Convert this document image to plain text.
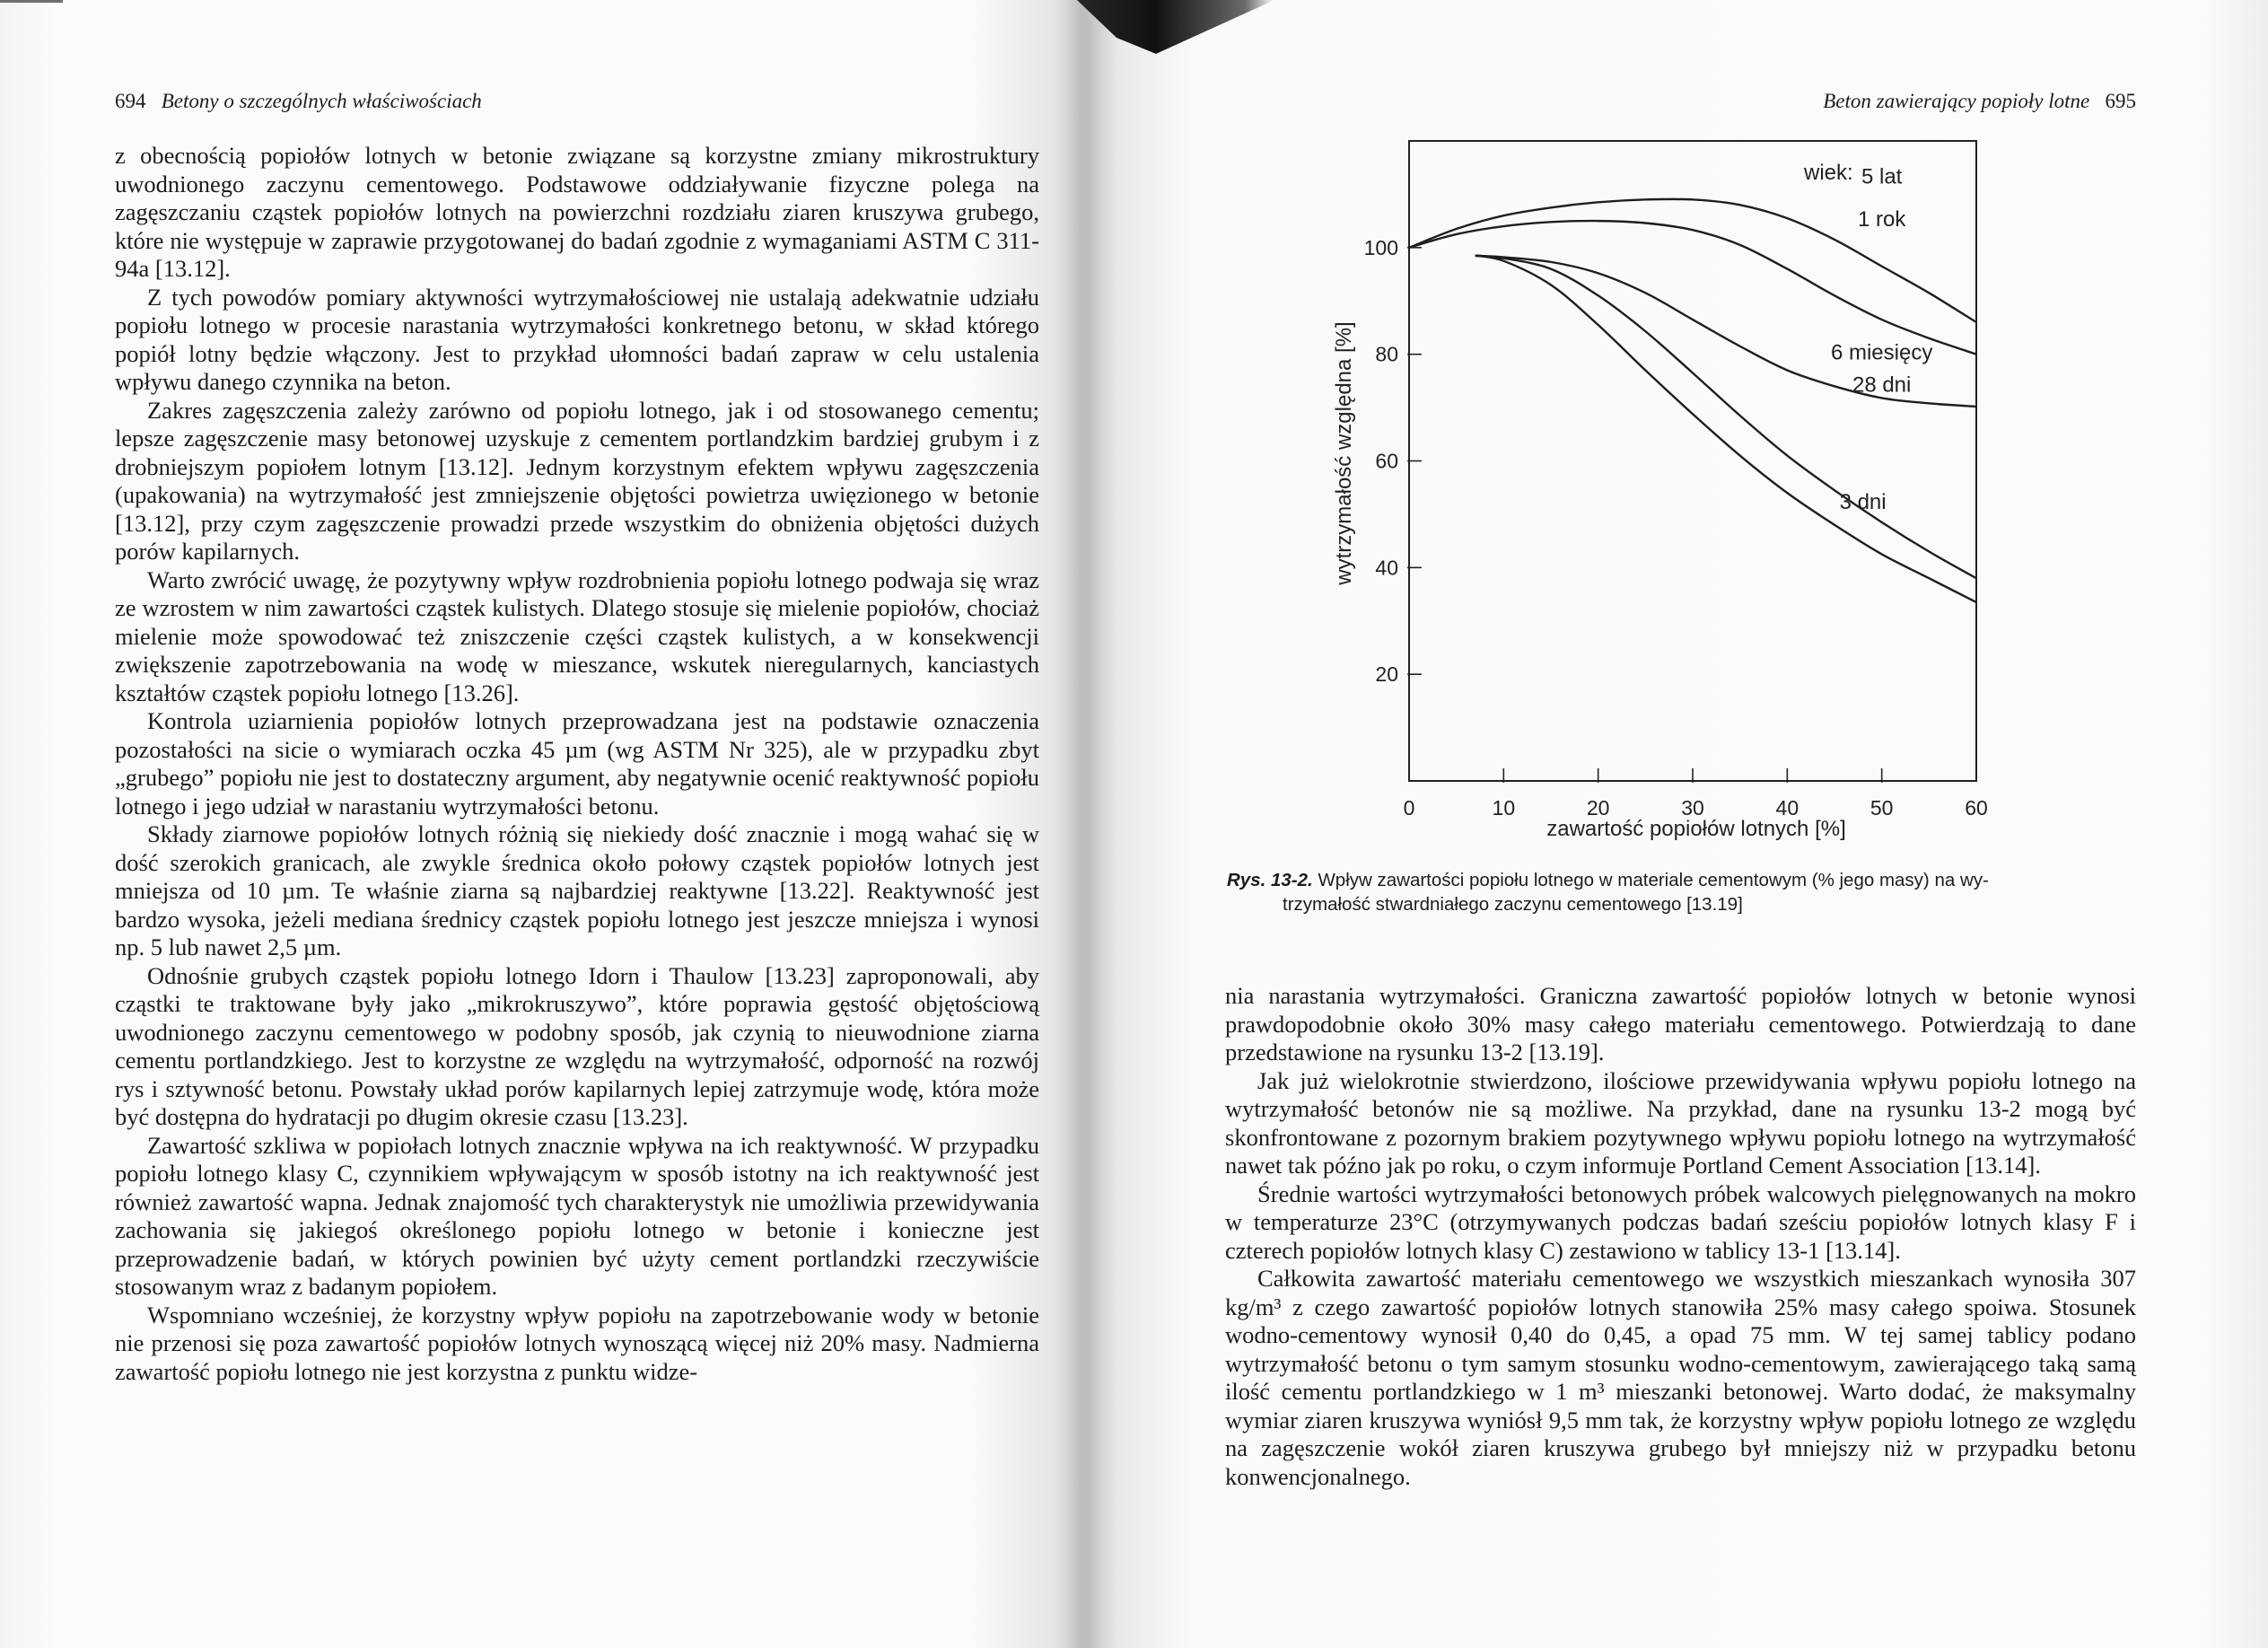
694 Betony o szczególnych właściwościach

z obecnością popiołów lotnych w betonie związane są korzystne zmiany mikrostruktury uwodnionego zaczynu cementowego. Podstawowe oddziaływanie fizyczne polega na zagęszczaniu cząstek popiołów lotnych na powierzchni rozdziału ziaren kruszywa grubego, które nie występuje w zaprawie przygotowanej do badań zgodnie z wymaganiami ASTM C 311-94a [13.12].

Z tych powodów pomiary aktywności wytrzymałościowej nie ustalają adekwatnie udziału popiołu lotnego w procesie narastania wytrzymałości konkretnego betonu, w skład którego popiół lotny będzie włączony. Jest to przykład ułomności badań zapraw w celu ustalenia wpływu danego czynnika na beton.

Zakres zagęszczenia zależy zarówno od popiołu lotnego, jak i od stosowanego cementu; lepsze zagęszczenie masy betonowej uzyskuje z cementem portlandzkim bardziej grubym i z drobniejszym popiołem lotnym [13.12]. Jednym korzystnym efektem wpływu zagęszczenia (upakowania) na wytrzymałość jest zmniejszenie objętości powietrza uwięzionego w betonie [13.12], przy czym zagęszczenie prowadzi przede wszystkim do obniżenia objętości dużych porów kapilarnych.

Warto zwrócić uwagę, że pozytywny wpływ rozdrobnienia popiołu lotnego podwaja się wraz ze wzrostem w nim zawartości cząstek kulistych. Dlatego stosuje się mielenie popiołów, chociaż mielenie może spowodować też zniszczenie części cząstek kulistych, a w konsekwencji zwiększenie zapotrzebowania na wodę w mieszance, wskutek nieregularnych, kanciastych kształtów cząstek popiołu lotnego [13.26].

Kontrola uziarnienia popiołów lotnych przeprowadzana jest na podstawie oznaczenia pozostałości na sicie o wymiarach oczka 45 µm (wg ASTM Nr 325), ale w przypadku zbyt „grubego” popiołu nie jest to dostateczny argument, aby negatywnie ocenić reaktywność popiołu lotnego i jego udział w narastaniu wytrzymałości betonu.

Składy ziarnowe popiołów lotnych różnią się niekiedy dość znacznie i mogą wahać się w dość szerokich granicach, ale zwykle średnica około połowy cząstek popiołów lotnych jest mniejsza od 10 µm. Te właśnie ziarna są najbardziej reaktywne [13.22]. Reaktywność jest bardzo wysoka, jeżeli mediana średnicy cząstek popiołu lotnego jest jeszcze mniejsza i wynosi np. 5 lub nawet 2,5 µm.

Odnośnie grubych cząstek popiołu lotnego Idorn i Thaulow [13.23] zaproponowali, aby cząstki te traktowane były jako „mikrokruszywo”, które poprawia gęstość objętościową uwodnionego zaczynu cementowego w podobny sposób, jak czynią to nieuwodnione ziarna cementu portlandzkiego. Jest to korzystne ze względu na wytrzymałość, odporność na rozwój rys i sztywność betonu. Powstały układ porów kapilarnych lepiej zatrzymuje wodę, która może być dostępna do hydratacji po długim okresie czasu [13.23].

Zawartość szkliwa w popiołach lotnych znacznie wpływa na ich reaktywność. W przypadku popiołu lotnego klasy C, czynnikiem wpływającym w sposób istotny na ich reaktywność jest również zawartość wapna. Jednak znajomość tych charakterystyk nie umożliwia przewidywania zachowania się jakiegoś określonego popiołu lotnego w betonie i konieczne jest przeprowadzenie badań, w których powinien być użyty cement portlandzki rzeczywiście stosowanym wraz z badanym popiołem.

Wspomniano wcześniej, że korzystny wpływ popiołu na zapotrzebowanie wody w betonie nie przenosi się poza zawartość popiołów lotnych wynoszącą więcej niż 20% masy. Nadmierna zawartość popiołu lotnego nie jest korzystna z punktu widze-

Beton zawierający popioły lotne 695

nia narastania wytrzymałości. Graniczna zawartość popiołów lotnych w betonie wynosi prawdopodobnie około 30% masy całego materiału cementowego. Potwierdzają to dane przedstawione na rysunku 13-2 [13.19].

Jak już wielokrotnie stwierdzono, ilościowe przewidywania wpływu popiołu lotnego na wytrzymałość betonów nie są możliwe. Na przykład, dane na rysunku 13-2 mogą być skonfrontowane z pozornym brakiem pozytywnego wpływu popiołu lotnego na wytrzymałość nawet tak późno jak po roku, o czym informuje Portland Cement Association [13.14].

Średnie wartości wytrzymałości betonowych próbek walcowych pielęgnowanych na mokro w temperaturze 23°C (otrzymywanych podczas badań sześciu popiołów lotnych klasy F i czterech popiołów lotnych klasy C) zestawiono w tablicy 13-1 [13.14].

Całkowita zawartość materiału cementowego we wszystkich mieszankach wynosiła 307 kg/m³ z czego zawartość popiołów lotnych stanowiła 25% masy całego spoiwa. Stosunek wodno-cementowy wynosił 0,40 do 0,45, a opad 75 mm. W tej samej tablicy podano wytrzymałość betonu o tym samym stosunku wodno-cementowym, zawierającego taką samą ilość cementu portlandzkiego w 1 m³ mieszanki betonowej. Warto dodać, że maksymalny wymiar ziaren kruszywa wyniósł 9,5 mm tak, że korzystny wpływ popiołu lotnego ze względu na zagęszczenie wokół ziaren kruszywa grubego był mniejszy niż w przypadku betonu konwencjonalnego.

20
40
60
80
100
0	10	20	30	40	50	60
5 lat
1 rok
6 miesięcy
28 dni
3 dni
wytrzymałość względna [%]
zawartość popiołów lotnych [%]
wiek:
Rys. 13-2. Wpływ zawartości popiołu lotnego w materiale cementowym (% jego masy) na wy-
trzymałość stwardniałego zaczynu cementowego [13.19]
